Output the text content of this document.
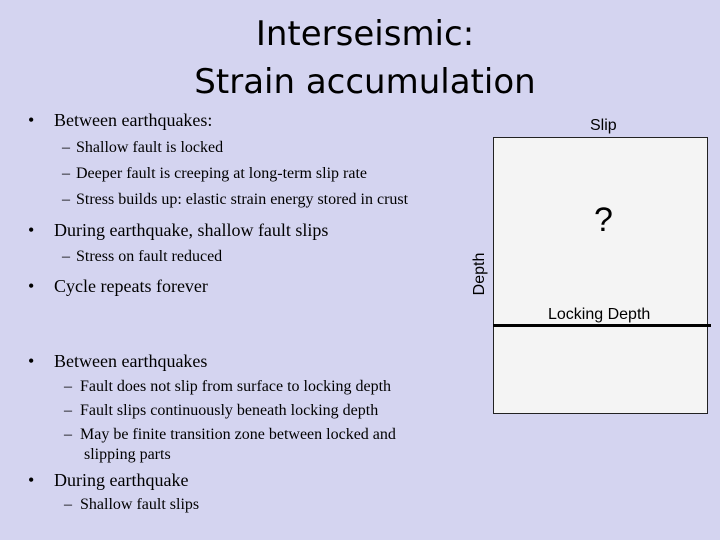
Interseismic:
Strain accumulation
• Between earthquakes:
– Shallow fault is locked
– Deeper fault is creeping at long-term slip rate
– Stress builds up: elastic strain energy stored in crust
• During earthquake, shallow fault slips
– Stress on fault reduced
• Cycle repeats forever
Slip
?
Depth
Locking Depth
• Between earthquakes
– Fault does not slip from surface to locking depth
– Fault slips continuously beneath locking depth
– May be finite transition zone between locked and
slipping parts
• During earthquake
– Shallow fault slips
